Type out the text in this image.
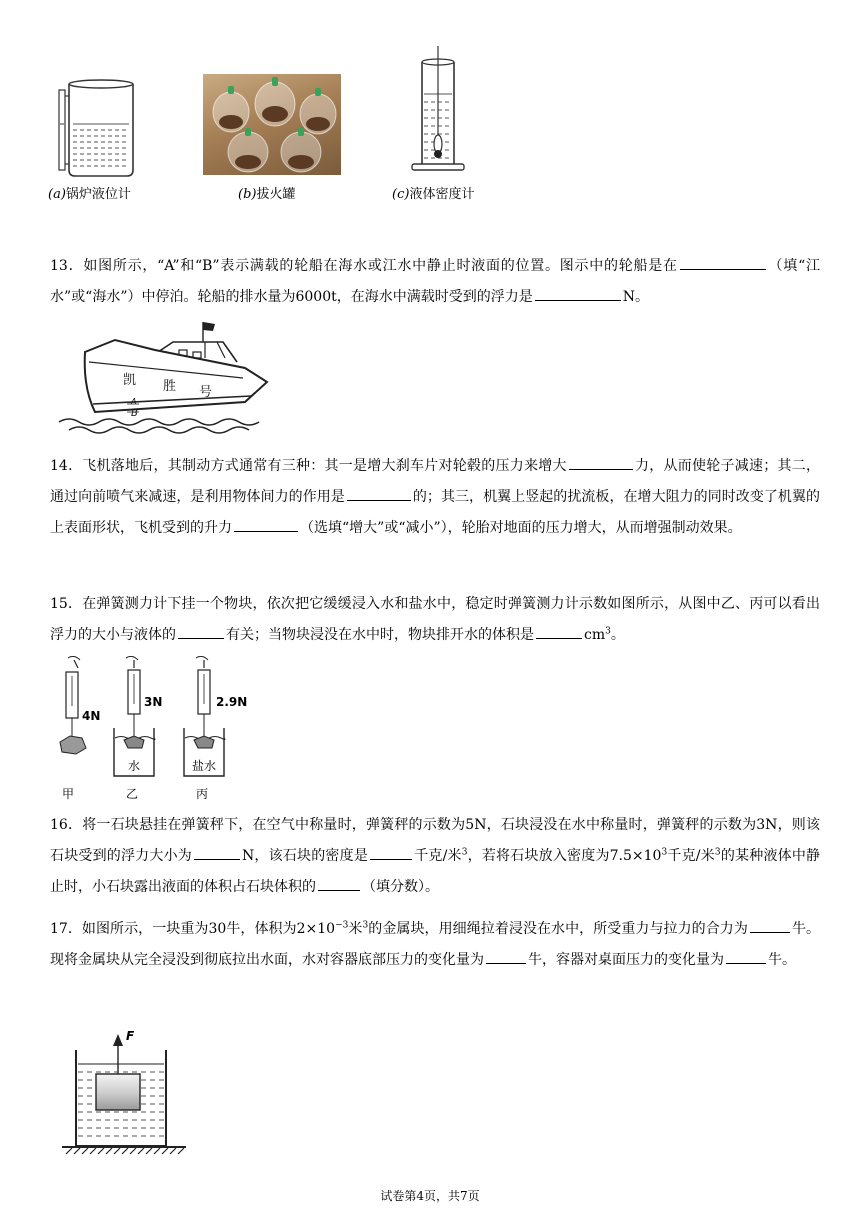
(a)锅炉液位计	(b)拔火罐	(c)液体密度计
13．如图所示，“A”和“B”表示满载的轮船在海水或江水中静止时液面的位置。图示中的轮船是在	（填“江水”或“海水”）中停泊。轮船的排水量为6000t，在海水中满载时受到的浮力是	N。
凯 胜 号
A
B
14．飞机落地后，其制动方式通常有三种：其一是增大刹车片对轮毂的压力来增大	力，从而使轮子减速；其二，通过向前喷气来减速，是利用物体间力的作用是	的；其三，机翼上竖起的扰流板，在增大阻力的同时改变了机翼的上表面形状，飞机受到的升力	（选填“增大”或“减小”），轮胎对地面的压力增大，从而增强制动效果。
15．在弹簧测力计下挂一个物块，依次把它缓缓浸入水和盐水中，稳定时弹簧测力计示数如图所示，从图中乙、丙可以看出浮力的大小与液体的	有关；当物块浸没在水中时，物块排开水的体积是	$cm^3$。
4N
3N
水
2.9N
盐水
甲	乙	丙
16．将一石块悬挂在弹簧秤下，在空气中称量时，弹簧秤的示数为5N，石块浸没在水中称量时，弹簧秤的示数为3N，则该石块受到的浮力大小为	N，该石块的密度是	千克/米$^3$，若将石块放入密度为$7.5\times 10^3$千克/米$^3$的某种液体中静止时，小石块露出液面的体积占石块体积的	（填分数）。
17．如图所示，一块重为30牛，体积为$2\times 10^{-3}$米$^3$的金属块，用细绳拉着浸没在水中，所受重力与拉力的合力为	牛。现将金属块从完全浸没到彻底拉出水面，水对容器底部压力的变化量为	牛，容器对桌面压力的变化量为	牛。
F
试卷第4页，共7页
